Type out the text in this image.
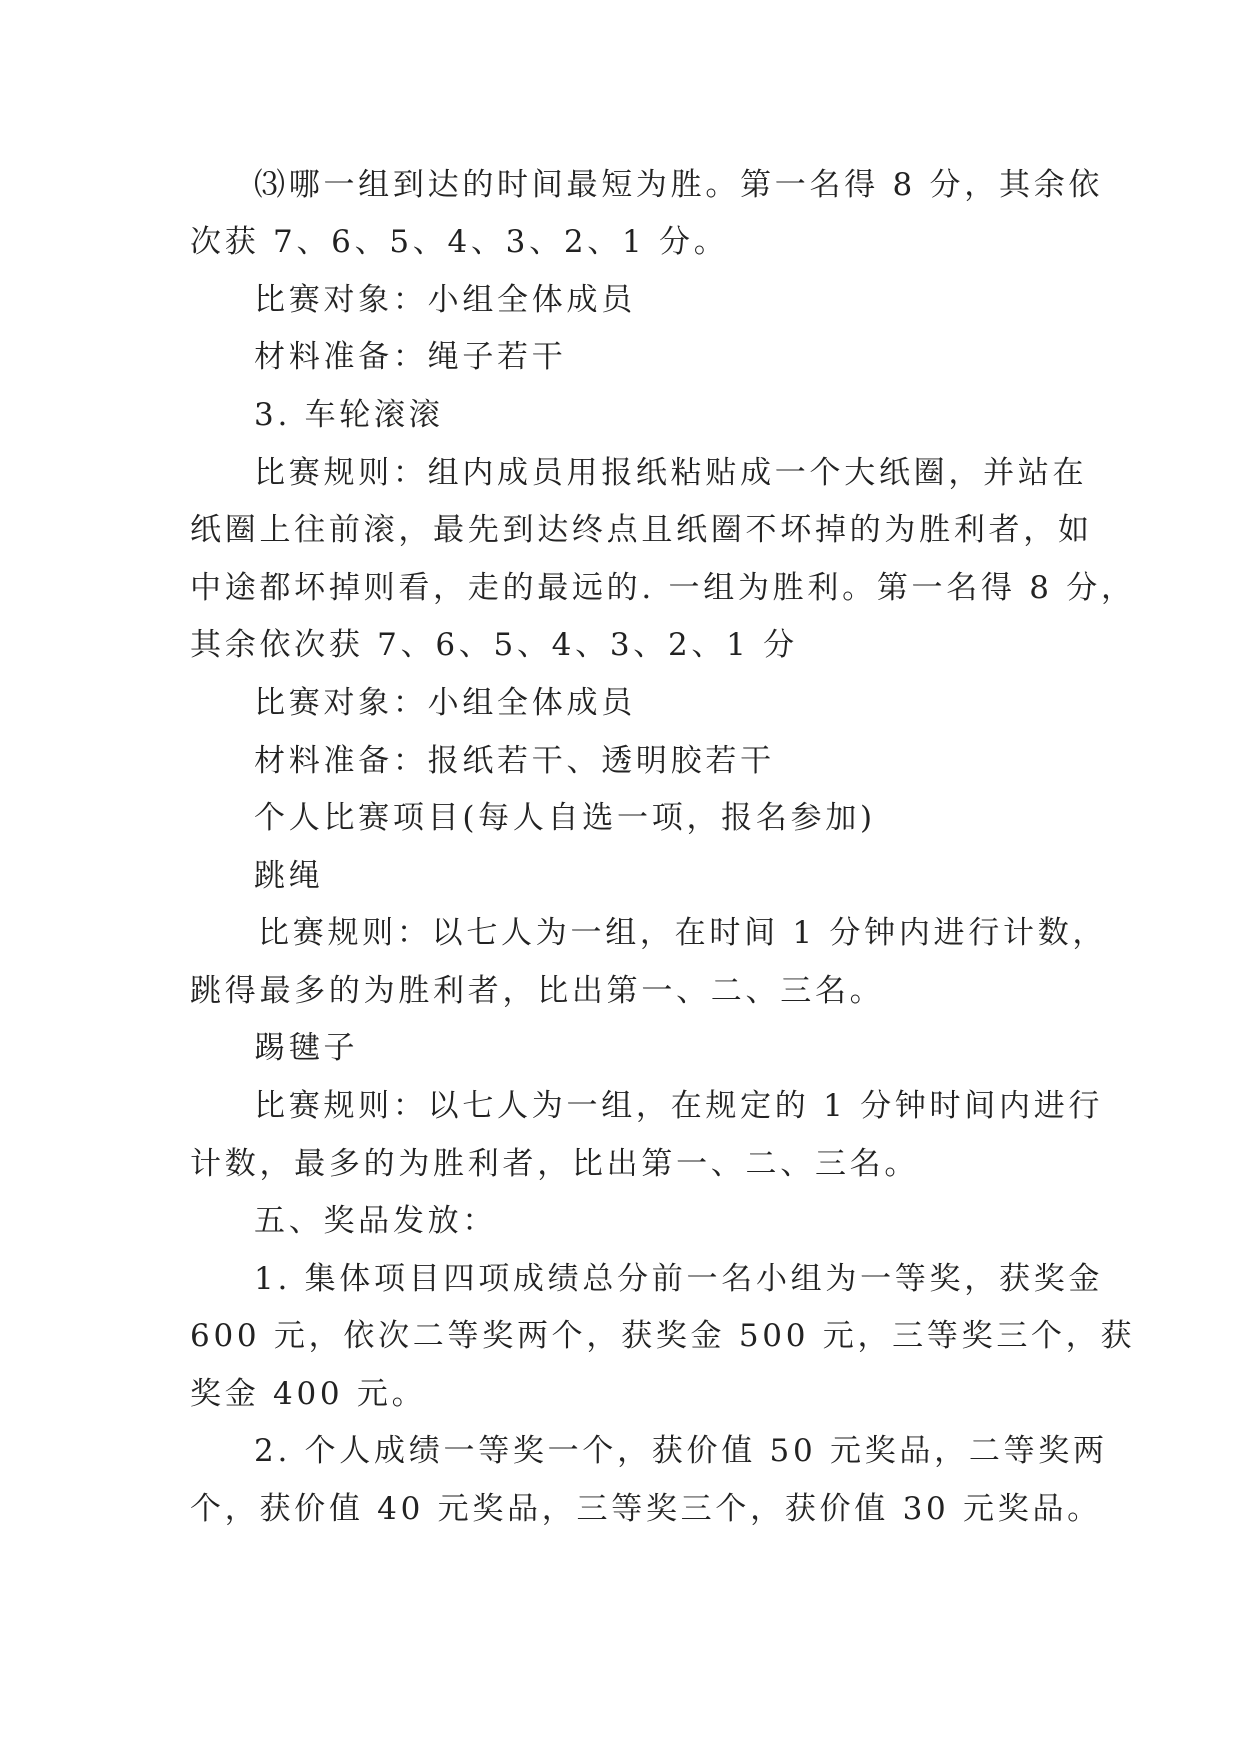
⑶哪一组到达的时间最短为胜。第一名得 8 分，其余依
次获 7、6、5、4、3、2、1 分。
比赛对象：小组全体成员
材料准备：绳子若干
3. 车轮滚滚
比赛规则：组内成员用报纸粘贴成一个大纸圈，并站在
纸圈上往前滚，最先到达终点且纸圈不坏掉的为胜利者，如
中途都坏掉则看，走的最远的. 一组为胜利。第一名得 8 分，
其余依次获 7、6、5、4、3、2、1 分
比赛对象：小组全体成员
材料准备：报纸若干、透明胶若干
个人比赛项目(每人自选一项，报名参加)
跳绳
比赛规则：以七人为一组，在时间 1 分钟内进行计数，
跳得最多的为胜利者，比出第一、二、三名。
踢毽子
比赛规则：以七人为一组，在规定的 1 分钟时间内进行
计数，最多的为胜利者，比出第一、二、三名。
五、奖品发放：
1. 集体项目四项成绩总分前一名小组为一等奖，获奖金
600 元，依次二等奖两个，获奖金 500 元，三等奖三个，获
奖金 400 元。
2. 个人成绩一等奖一个，获价值 50 元奖品，二等奖两
个，获价值 40 元奖品，三等奖三个，获价值 30 元奖品。
